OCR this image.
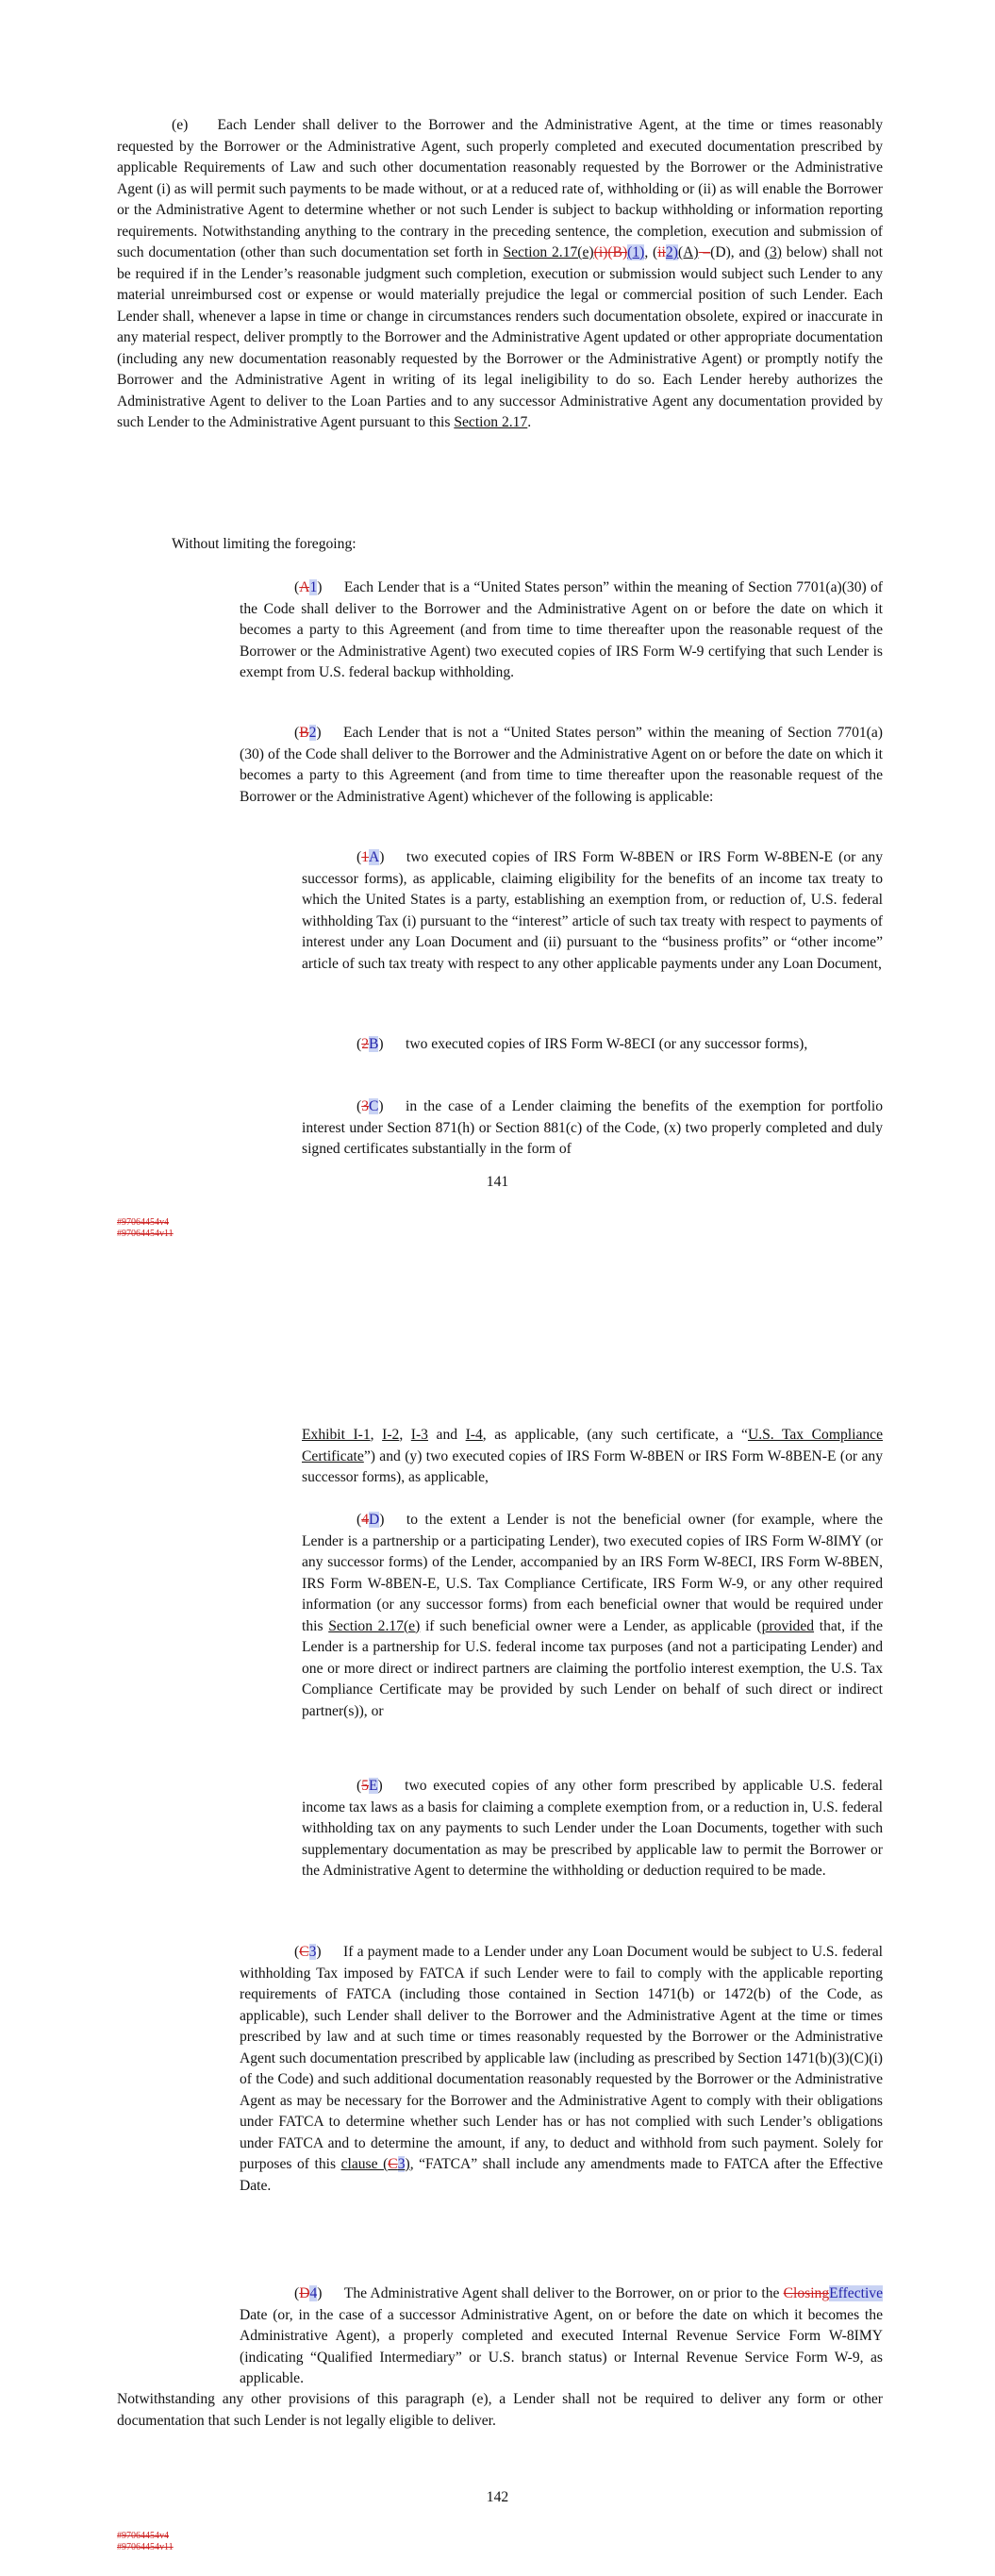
(e)  Each Lender shall deliver to the Borrower and the Administrative Agent, at the time or times reasonably requested by the Borrower or the Administrative Agent, such properly completed and executed documentation prescribed by applicable Requirements of Law and such other documentation reasonably requested by the Borrower or the Administrative Agent (i) as will permit such payments to be made without, or at a reduced rate of, withholding or (ii) as will enable the Borrower or the Administrative Agent to determine whether or not such Lender is subject to backup withholding or information reporting requirements. Notwithstanding anything to the contrary in the preceding sentence, the completion, execution and submission of such documentation (other than such documentation set forth in Section 2.17(e)(i)(B)(1), (ii2)(A) –(D), and (3) below) shall not be required if in the Lender’s reasonable judgment such completion, execution or submission would subject such Lender to any material unreimbursed cost or expense or would materially prejudice the legal or commercial position of such Lender. Each Lender shall, whenever a lapse in time or change in circumstances renders such documentation obsolete, expired or inaccurate in any material respect, deliver promptly to the Borrower and the Administrative Agent updated or other appropriate documentation (including any new documentation reasonably requested by the Borrower or the Administrative Agent) or promptly notify the Borrower and the Administrative Agent in writing of its legal ineligibility to do so. Each Lender hereby authorizes the Administrative Agent to deliver to the Loan Parties and to any successor Administrative Agent any documentation provided by such Lender to the Administrative Agent pursuant to this Section 2.17.

Without limiting the foregoing:

(A1)  Each Lender that is a “United States person” within the meaning of Section 7701(a)(30) of the Code shall deliver to the Borrower and the Administrative Agent on or before the date on which it becomes a party to this Agreement (and from time to time thereafter upon the reasonable request of the Borrower or the Administrative Agent) two executed copies of IRS Form W-9 certifying that such Lender is exempt from U.S. federal backup withholding.

(B2)  Each Lender that is not a “United States person” within the meaning of Section 7701(a)(30) of the Code shall deliver to the Borrower and the Administrative Agent on or before the date on which it becomes a party to this Agreement (and from time to time thereafter upon the reasonable request of the Borrower or the Administrative Agent) whichever of the following is applicable:

(1A)  two executed copies of IRS Form W-8BEN or IRS Form W-8BEN-E (or any successor forms), as applicable, claiming eligibility for the benefits of an income tax treaty to which the United States is a party, establishing an exemption from, or reduction of, U.S. federal withholding Tax (i) pursuant to the “interest” article of such tax treaty with respect to payments of interest under any Loan Document and (ii) pursuant to the “business profits” or “other income” article of such tax treaty with respect to any other applicable payments under any Loan Document,

(2B)  two executed copies of IRS Form W-8ECI (or any successor forms),

(3C)  in the case of a Lender claiming the benefits of the exemption for portfolio interest under Section 871(h) or Section 881(c) of the Code, (x) two properly completed and duly signed certificates substantially in the form of

141
#97064454v4
#97064454v11

Exhibit I-1, I-2, I-3 and I-4, as applicable, (any such certificate, a “U.S. Tax Compliance Certificate”) and (y) two executed copies of IRS Form W-8BEN or IRS Form W-8BEN-E (or any successor forms), as applicable,

(4D)  to the extent a Lender is not the beneficial owner (for example, where the Lender is a partnership or a participating Lender), two executed copies of IRS Form W-8IMY (or any successor forms) of the Lender, accompanied by an IRS Form W-8ECI, IRS Form W-8BEN, IRS Form W-8BEN-E, U.S. Tax Compliance Certificate, IRS Form W-9, or any other required information (or any successor forms) from each beneficial owner that would be required under this Section 2.17(e) if such beneficial owner were a Lender, as applicable (provided that, if the Lender is a partnership for U.S. federal income tax purposes (and not a participating Lender) and one or more direct or indirect partners are claiming the portfolio interest exemption, the U.S. Tax Compliance Certificate may be provided by such Lender on behalf of such direct or indirect partner(s)), or

(5E)  two executed copies of any other form prescribed by applicable U.S. federal income tax laws as a basis for claiming a complete exemption from, or a reduction in, U.S. federal withholding tax on any payments to such Lender under the Loan Documents, together with such supplementary documentation as may be prescribed by applicable law to permit the Borrower or the Administrative Agent to determine the withholding or deduction required to be made.

(C3)  If a payment made to a Lender under any Loan Document would be subject to U.S. federal withholding Tax imposed by FATCA if such Lender were to fail to comply with the applicable reporting requirements of FATCA (including those contained in Section 1471(b) or 1472(b) of the Code, as applicable), such Lender shall deliver to the Borrower and the Administrative Agent at the time or times prescribed by law and at such time or times reasonably requested by the Borrower or the Administrative Agent such documentation prescribed by applicable law (including as prescribed by Section 1471(b)(3)(C)(i) of the Code) and such additional documentation reasonably requested by the Borrower or the Administrative Agent as may be necessary for the Borrower and the Administrative Agent to comply with their obligations under FATCA to determine whether such Lender has or has not complied with such Lender’s obligations under FATCA and to determine the amount, if any, to deduct and withhold from such payment. Solely for purposes of this clause (C3), “FATCA” shall include any amendments made to FATCA after the Effective Date.

(D4)  The Administrative Agent shall deliver to the Borrower, on or prior to the ClosingEffective Date (or, in the case of a successor Administrative Agent, on or before the date on which it becomes the Administrative Agent), a properly completed and executed Internal Revenue Service Form W-8IMY (indicating “Qualified Intermediary” or U.S. branch status) or Internal Revenue Service Form W-9, as applicable.

Notwithstanding any other provisions of this paragraph (e), a Lender shall not be required to deliver any form or other documentation that such Lender is not legally eligible to deliver.

142
#97064454v4
#97064454v11
